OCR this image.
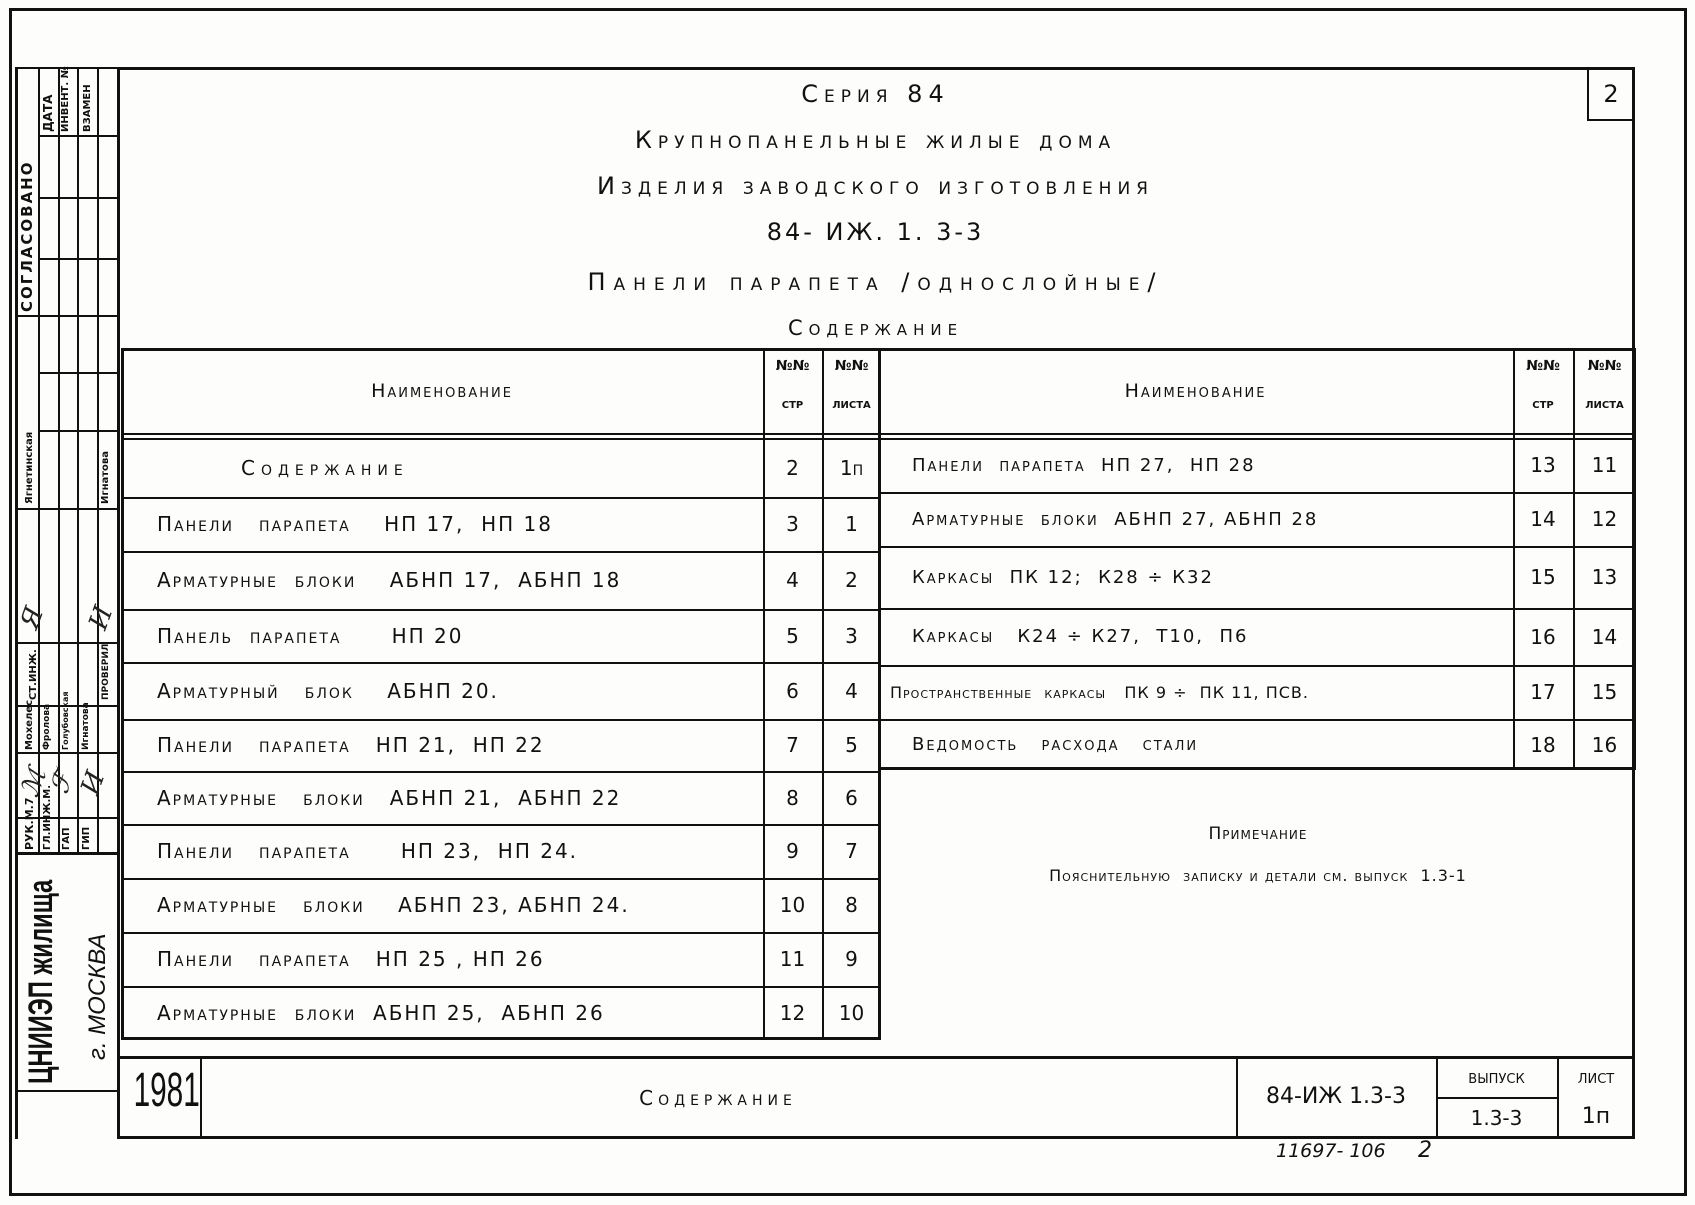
2
Серия 84
Крупнопанельные жилые дома
Изделия заводского изготовления
84- ИЖ. 1. 3-3
Панели парапета /однослойные/
Содержание
Наименование
№№
стр
№№
листа
Содержание	2	1п
Панели   парапета    НП 17,  НП 18	3	1
Арматурные  блоки    АБНП 17,  АБНП 18	4	2
Панель  парапета      НП 20	5	3
Арматурный   блок    АБНП 20.	6	4
Панели   парапета   НП 21,  НП 22	7	5
Арматурные   блоки   АБНП 21,  АБНП 22	8	6
Панели   парапета      НП 23,  НП 24.	9	7
Арматурные   блоки    АБНП 23, АБНП 24.	10	8
Панели   парапета   НП 25 , НП 26	11	9
Арматурные  блоки  АБНП 25,  АБНП 26	12	10
Наименование
№№
стр
№№
листа
Панели  парапета  НП 27,  НП 28	13	11
Арматурные  блоки  АБНП 27, АБНП 28	14	12
Каркасы  ПК 12;  К28 ÷ К32	15	13
Каркасы   К24 ÷ К27,  Т10,  П6	16	14
Пространственные  каркасы   ПК 9 ÷  ПК 11, ПСВ.	17	15
Ведомость   расхода   стали	18	16
Примечание
Пояснительную  записку и детали см. выпуск  1.3-1
1981	Содержание	84-ИЖ 1.3-3
выпуск
1.3-3
лист
1п
11697- 106 2
ДАТА ИНВЕНТ. № ВЗАМЕН
СОГЛАСОВАНО
Ягнетинская	Игнатова
Я И
СТ.ИНЖ.	ПРОВЕРИЛ
Мохелес Фролова Голубовская Игнатова
ℳ
ℱ
И
РУК.М.7 ГЛ.ИНЖ.М. ГАП ГИП
ЦНИИЭП жилища г. МОСКВА
